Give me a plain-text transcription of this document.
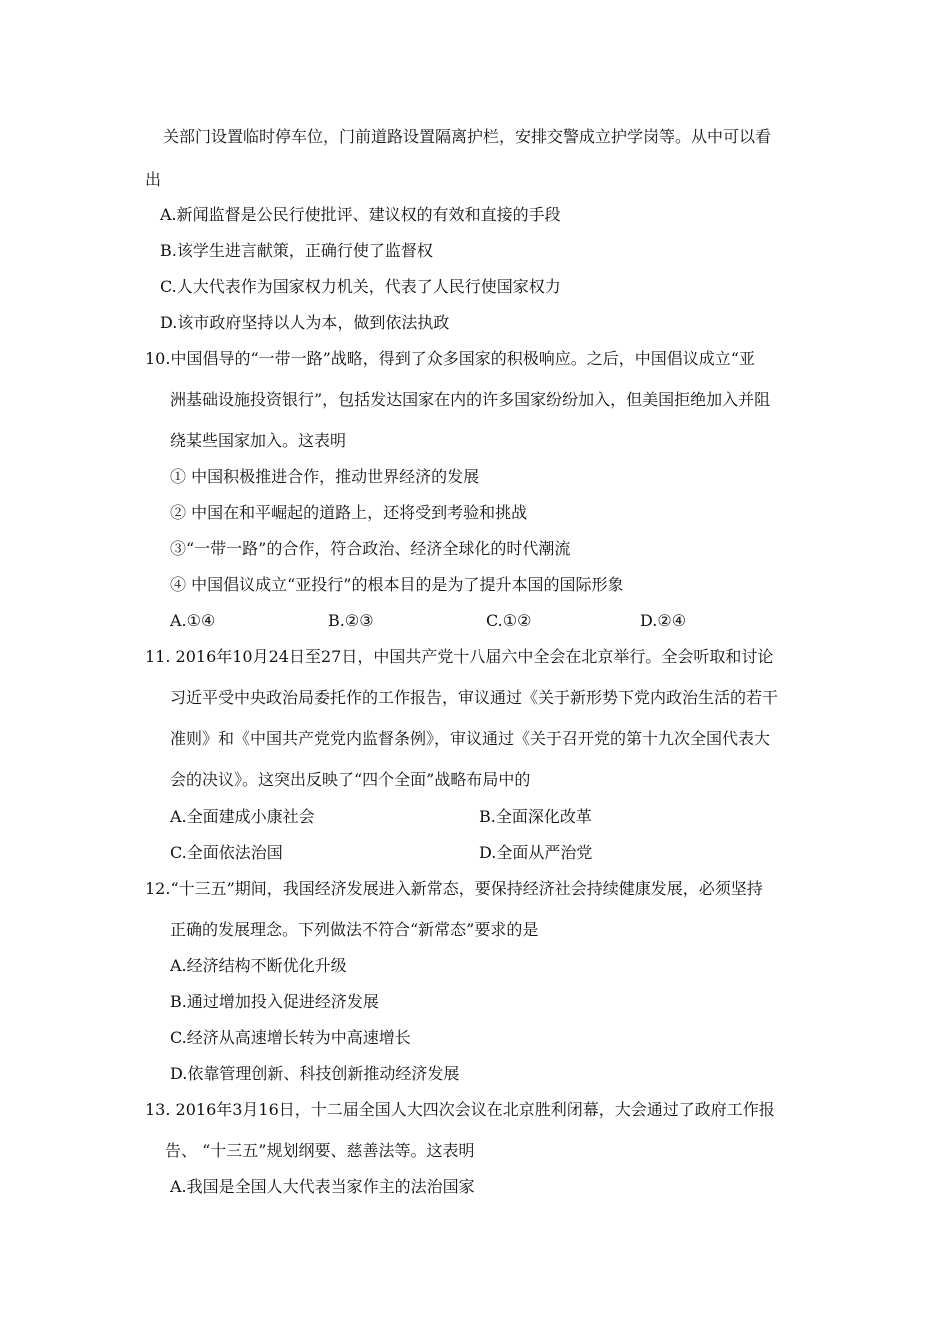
关部门设置临时停车位，门前道路设置隔离护栏，安排交警成立护学岗等。从中可以看
出
A.新闻监督是公民行使批评、建议权的有效和直接的手段
B.该学生进言献策，正确行使了监督权
C.人大代表作为国家权力机关，代表了人民行使国家权力
D.该市政府坚持以人为本，做到依法执政
10.中国倡导的“一带一路”战略，得到了众多国家的积极响应。之后，中国倡议成立“亚
洲基础设施投资银行”，包括发达国家在内的许多国家纷纷加入，但美国拒绝加入并阻
绕某些国家加入。这表明
① 中国积极推进合作，推动世界经济的发展
② 中国在和平崛起的道路上，还将受到考验和挑战
③“一带一路”的合作，符合政治、经济全球化的时代潮流
④ 中国倡议成立“亚投行”的根本目的是为了提升本国的国际形象
A.①④	B.②③	C.①②	D.②④
11. 2016年10月24日至27日，中国共产党十八届六中全会在北京举行。全会听取和讨论
习近平受中央政治局委托作的工作报告，审议通过《关于新形势下党内政治生活的若干
准则》和《中国共产党党内监督条例》，审议通过《关于召开党的第十九次全国代表大
会的决议》。这突出反映了“四个全面”战略布局中的
A.全面建成小康社会	B.全面深化改革
C.全面依法治国	D.全面从严治党
12.“十三五”期间，我国经济发展进入新常态，要保持经济社会持续健康发展，必须坚持
正确的发展理念。下列做法不符合“新常态”要求的是
A.经济结构不断优化升级
B.通过增加投入促进经济发展
C.经济从高速增长转为中高速增长
D.依靠管理创新、科技创新推动经济发展
13. 2016年3月16日，十二届全国人大四次会议在北京胜利闭幕，大会通过了政府工作报
告、 “十三五”规划纲要、慈善法等。这表明
A.我国是全国人大代表当家作主的法治国家
